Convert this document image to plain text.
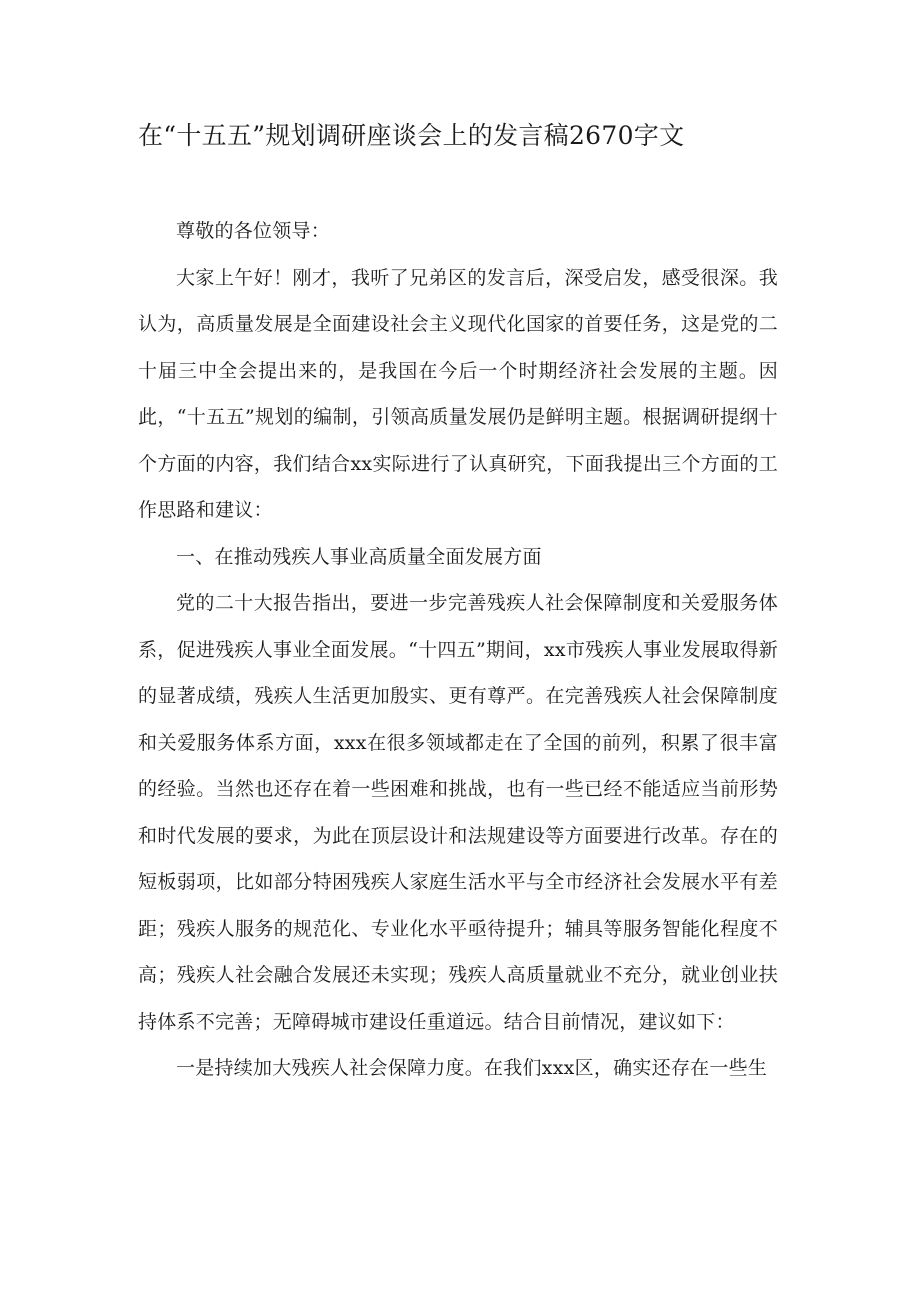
在“十五五”规划调研座谈会上的发言稿2670字文

尊敬的各位领导：

大家上午好！刚才，我听了兄弟区的发言后，深受启发，感受很深。我认为，高质量发展是全面建设社会主义现代化国家的首要任务，这是党的二十届三中全会提出来的，是我国在今后一个时期经济社会发展的主题。因此，“十五五”规划的编制，引领高质量发展仍是鲜明主题。根据调研提纲十个方面的内容，我们结合xx实际进行了认真研究，下面我提出三个方面的工作思路和建议：

一、在推动残疾人事业高质量全面发展方面

党的二十大报告指出，要进一步完善残疾人社会保障制度和关爱服务体系，促进残疾人事业全面发展。“十四五”期间，xx市残疾人事业发展取得新的显著成绩，残疾人生活更加殷实、更有尊严。在完善残疾人社会保障制度和关爱服务体系方面，xxx在很多领域都走在了全国的前列，积累了很丰富的经验。当然也还存在着一些困难和挑战，也有一些已经不能适应当前形势和时代发展的要求，为此在顶层设计和法规建设等方面要进行改革。存在的短板弱项，比如部分特困残疾人家庭生活水平与全市经济社会发展水平有差距；残疾人服务的规范化、专业化水平亟待提升；辅具等服务智能化程度不高；残疾人社会融合发展还未实现；残疾人高质量就业不充分，就业创业扶持体系不完善；无障碍城市建设任重道远。结合目前情况，建议如下：

一是持续加大残疾人社会保障力度。在我们xxx区，确实还存在一些生
